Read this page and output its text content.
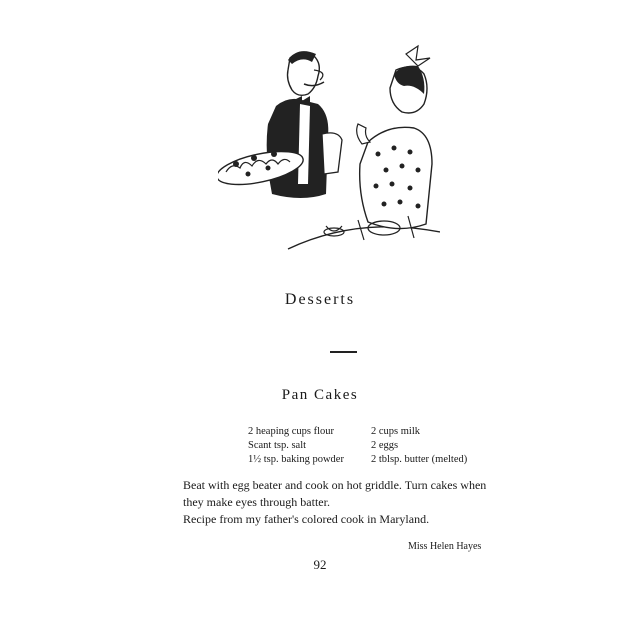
Desserts
Pan Cakes
2 heaping cups flour
Scant tsp. salt
1½ tsp. baking powder
2 cups milk
2 eggs
2 tblsp. butter (melted)
Beat with egg beater and cook on hot griddle. Turn cakes when
they make eyes through batter.
Recipe from my father's colored cook in Maryland.
Miss Helen Hayes
92
